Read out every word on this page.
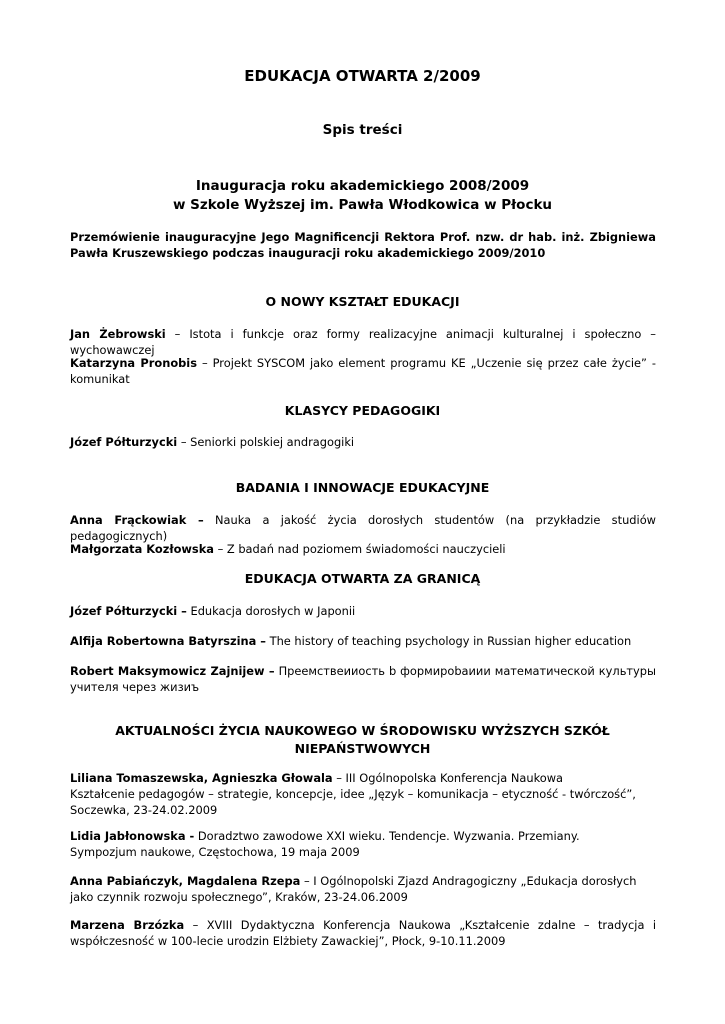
EDUKACJA OTWARTA 2/2009
Spis treści
Inauguracja roku akademickiego 2008/2009
w Szkole Wyższej im. Pawła Włodkowica w Płocku
Przemówienie inauguracyjne Jego Magnificencji Rektora Prof. nzw. dr hab. inż. Zbigniewa Pawła Kruszewskiego podczas inauguracji roku akademickiego 2009/2010
O NOWY KSZTAŁT EDUKACJI
Jan Żebrowski – Istota i funkcje oraz formy realizacyjne animacji kulturalnej i społeczno – wychowawczej
Katarzyna Pronobis – Projekt SYSCOM jako element programu KE „Uczenie się przez całe życie” - komunikat
KLASYCY PEDAGOGIKI
Józef Półturzycki – Seniorki polskiej andragogiki
BADANIA I INNOWACJE EDUKACYJNE
Anna Frąckowiak – Nauka a jakość życia dorosłych studentów (na przykładzie studiów pedagogicznych)
Małgorzata Kozłowska – Z badań nad poziomem świadomości nauczycieli
EDUKACJA OTWARTA ZA GRANICĄ
Józef Półturzycki – Edukacja dorosłych w Japonii
Alfija Robertowna Batyrszina – The history of teaching psychology in Russian higher education
Robert Maksymowicz Zajnijew – Преемствеииость b формироbaиии математической культуры учителя через жизиъ
AKTUALNOŚCI ŻYCIA NAUKOWEGO W ŚRODOWISKU WYŻSZYCH SZKÓŁ
NIEPAŃSTWOWYCH
Liliana Tomaszewska, Agnieszka Głowala – III Ogólnopolska Konferencja Naukowa
Kształcenie pedagogów – strategie, koncepcje, idee „Język – komunikacja – etyczność - twórczość”,
Soczewka, 23-24.02.2009
Lidia Jabłonowska - Doradztwo zawodowe XXI wieku. Tendencje. Wyzwania. Przemiany.
Sympozjum naukowe, Częstochowa, 19 maja 2009
Anna Pabiańczyk, Magdalena Rzepa – I Ogólnopolski Zjazd Andragogiczny „Edukacja dorosłych jako czynnik rozwoju społecznego”, Kraków, 23-24.06.2009
Marzena Brzózka – XVIII Dydaktyczna Konferencja Naukowa „Kształcenie zdalne – tradycja i współczesność w 100-lecie urodzin Elżbiety Zawackiej”, Płock, 9-10.11.2009
